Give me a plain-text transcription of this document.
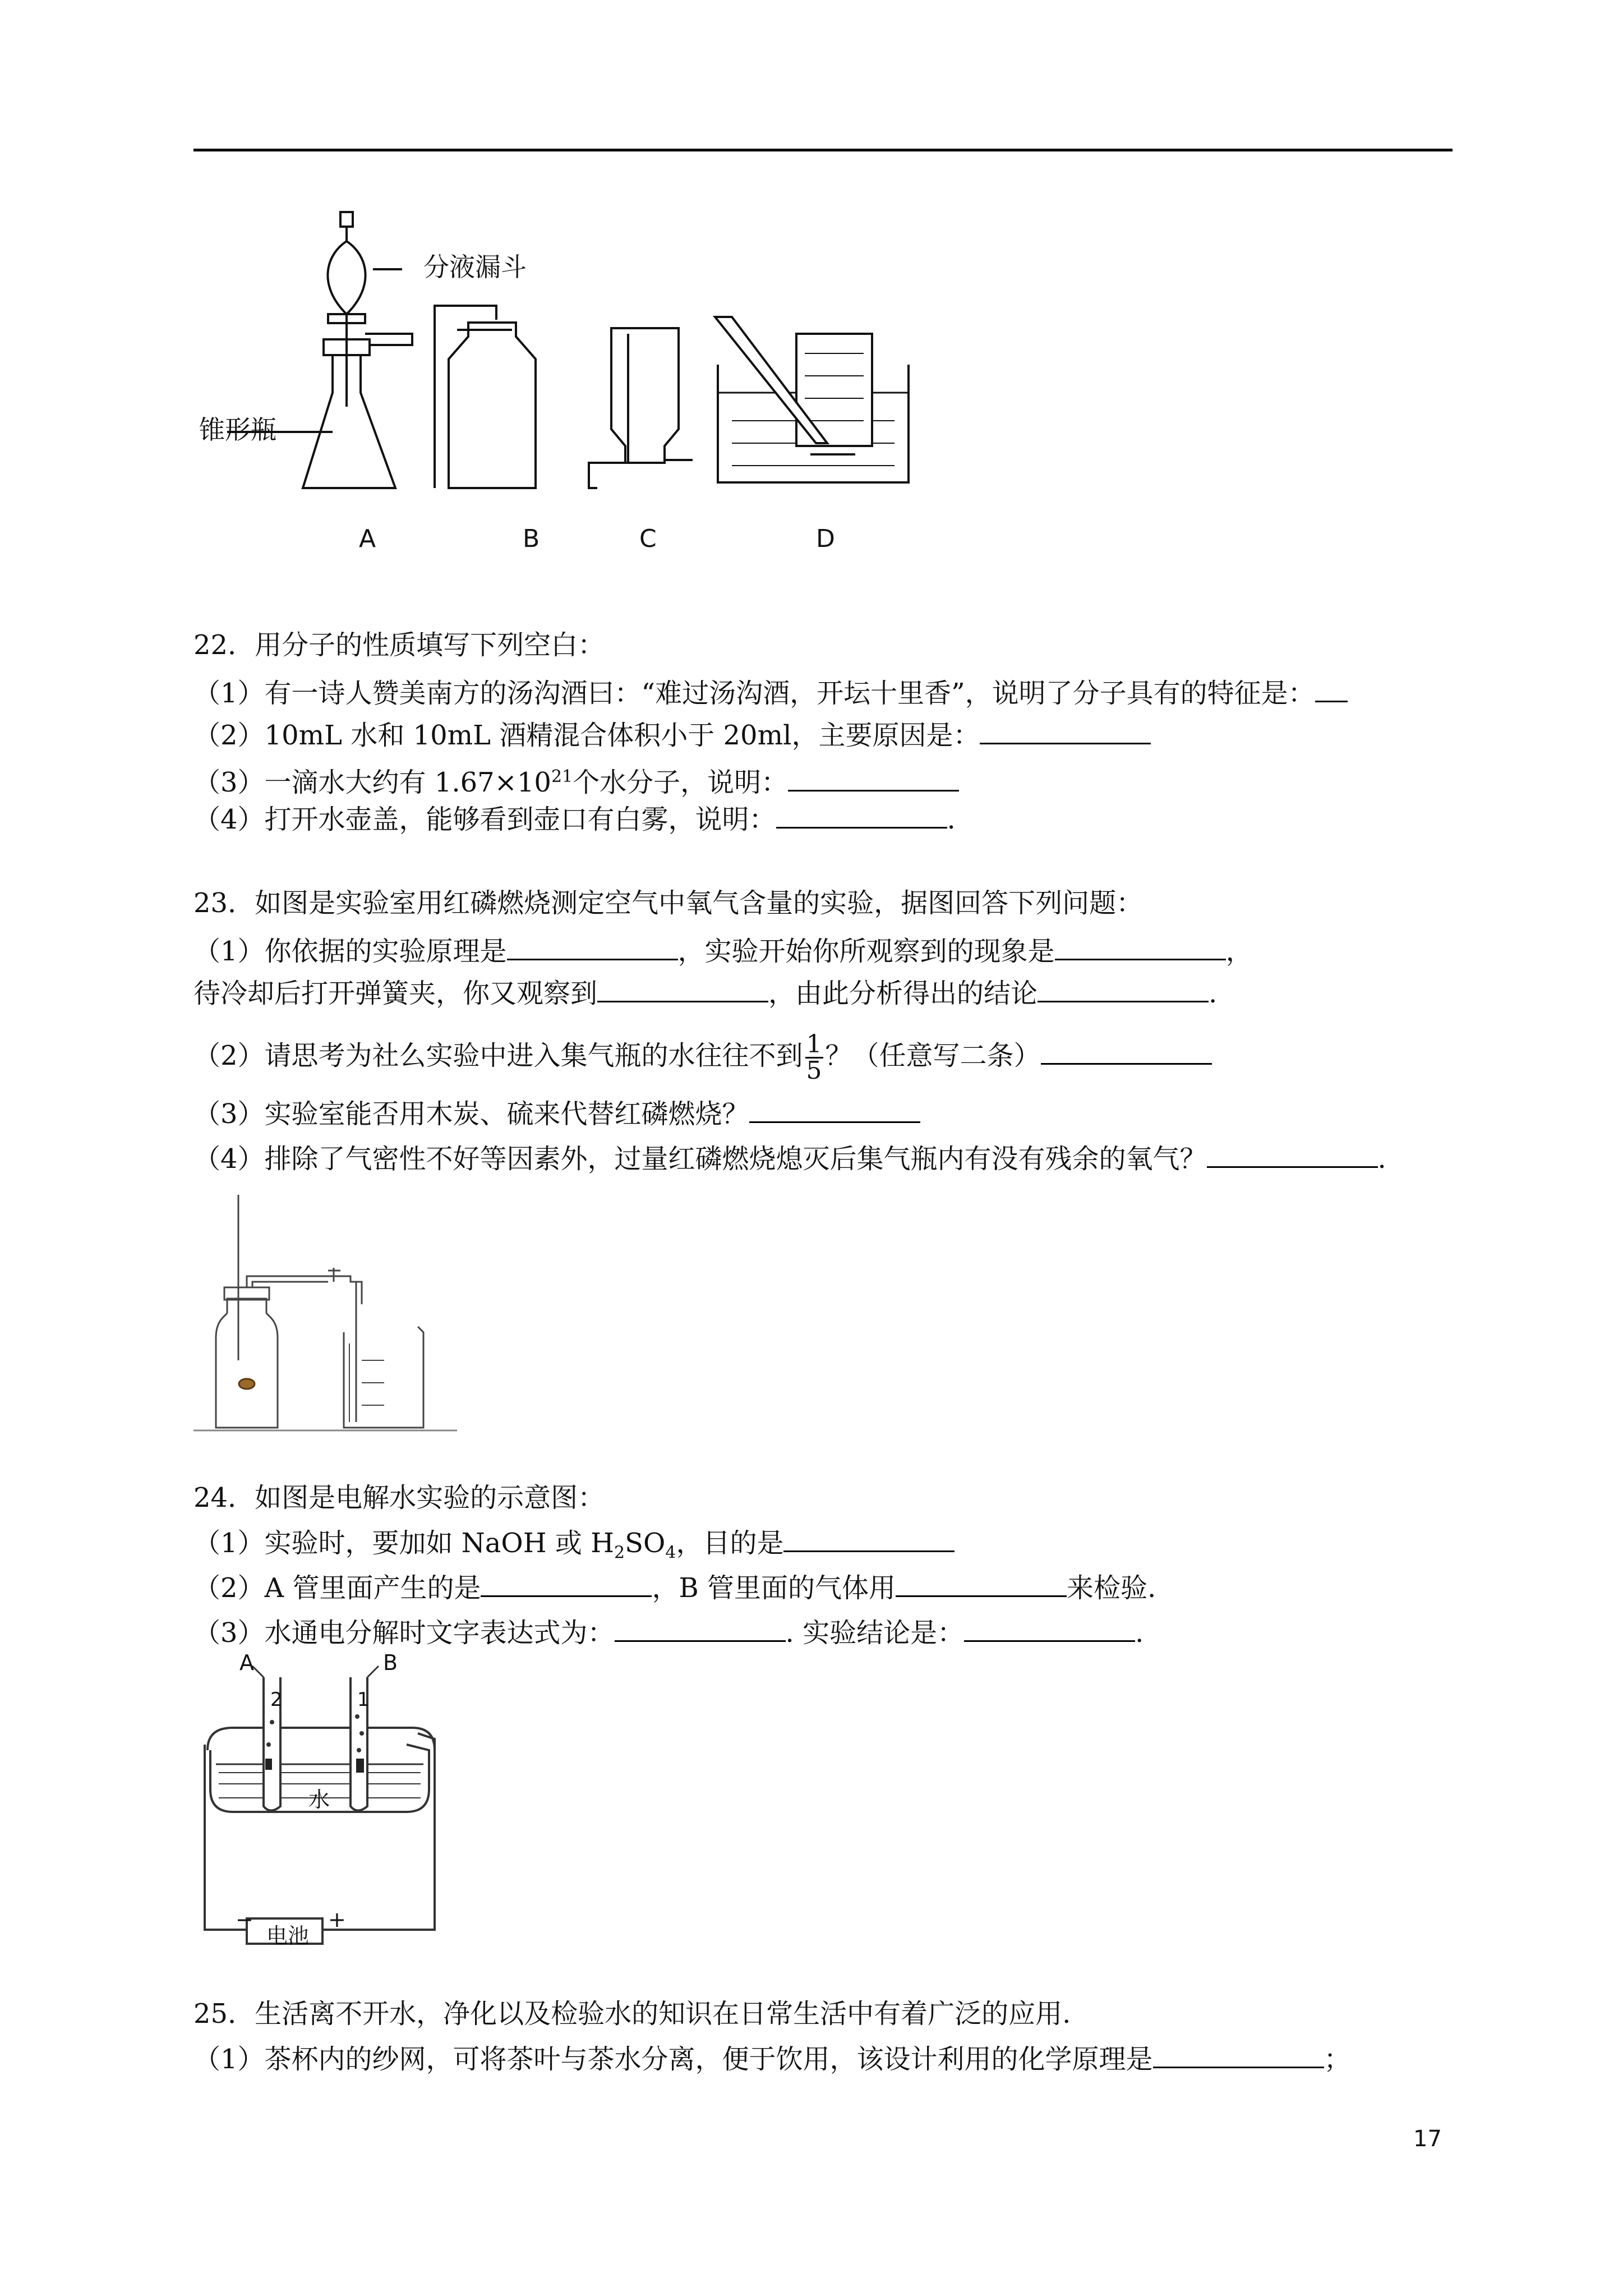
分液漏斗
锥形瓶
A	B	C	D
22．用分子的性质填写下列空白：
（1）有一诗人赞美南方的汤沟酒曰：“难过汤沟酒，开坛十里香”，说明了分子具有的特征是：
（2）10mL 水和 10mL 酒精混合体积小于 20ml，主要原因是：
（3）一滴水大约有 $1.67\times 10^{21}$个水分子，说明：
（4）打开水壶盖，能够看到壶口有白雾，说明：	.
23．如图是实验室用红磷燃烧测定空气中氧气含量的实验，据图回答下列问题：
（1）你依据的实验原理是	，实验开始你所观察到的现象是	，
待冷却后打开弹簧夹，你又观察到	，由此分析得出的结论	.
（2）请思考为社么实验中进入集气瓶的水往往不到 $\frac{1}{5}$ ？（任意写二条）
（3）实验室能否用木炭、硫来代替红磷燃烧？
（4）排除了气密性不好等因素外，过量红磷燃烧熄灭后集气瓶内有没有残余的氧气？	.
24．如图是电解水实验的示意图：
（1）实验时，要加如 NaOH 或 $H_2SO_4$，目的是
（2）A 管里面产生的是	，B 管里面的气体用	来检验.
（3）水通电分解时文字表达式为：	. 实验结论是：	.
A	B
2	1
水
电池
−	+
25．生活离不开水，净化以及检验水的知识在日常生活中有着广泛的应用.
（1）茶杯内的纱网，可将茶叶与茶水分离，便于饮用，该设计利用的化学原理是	；
17
